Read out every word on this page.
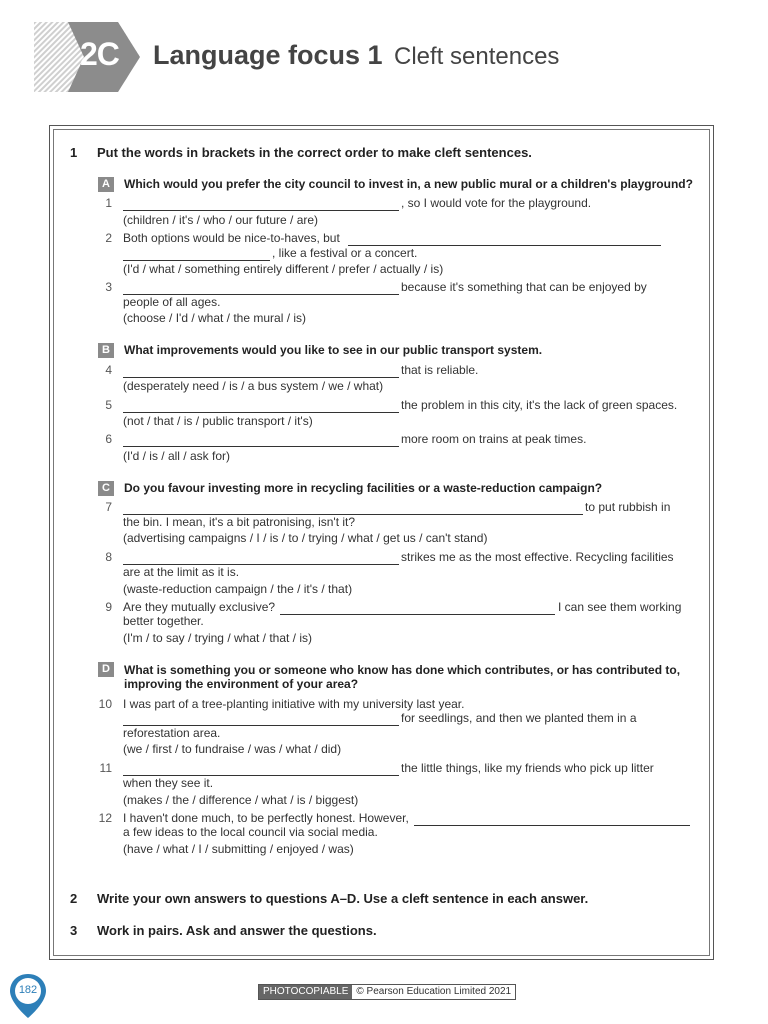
2C Language focus 1 Cleft sentences
1 Put the words in brackets in the correct order to make cleft sentences.
A	Which would you prefer the city council to invest in, a new public mural or a children's playground?
1	, so I would vote for the playground.
(children / it's / who / our future / are)
2 Both options would be nice-to-haves, but
, like a festival or a concert.
(I'd / what / something entirely different / prefer / actually / is)
3	because it's something that can be enjoyed by
people of all ages.
(choose / I'd / what / the mural / is)
B	What improvements would you like to see in our public transport system.
4	that is reliable.
(desperately need / is / a bus system / we / what)
5	the problem in this city, it's the lack of green spaces.
(not / that / is / public transport / it's)
6	more room on trains at peak times.
(I'd / is / all / ask for)
C	Do you favour investing more in recycling facilities or a waste-reduction campaign?
7	to put rubbish in
the bin. I mean, it's a bit patronising, isn't it?
(advertising campaigns / I / is / to / trying / what / get us / can't stand)
8	strikes me as the most effective. Recycling facilities
are at the limit as it is.
(waste-reduction campaign / the / it's / that)
9 Are they mutually exclusive?	I can see them working
better together.
(I'm / to say / trying / what / that / is)
D	What is something you or someone who know has done which contributes, or has contributed to,
improving the environment of your area?
10 I was part of a tree-planting initiative with my university last year.
for seedlings, and then we planted them in a
reforestation area.
(we / first / to fundraise / was / what / did)
11	the little things, like my friends who pick up litter
when they see it.
(makes / the / difference / what / is / biggest)
12 I haven't done much, to be perfectly honest. However,
a few ideas to the local council via social media.
(have / what / I / submitting / enjoyed / was)
2 Write your own answers to questions A–D. Use a cleft sentence in each answer.
3 Work in pairs. Ask and answer the questions.
182	PHOTOCOPIABLE © Pearson Education Limited 2021
